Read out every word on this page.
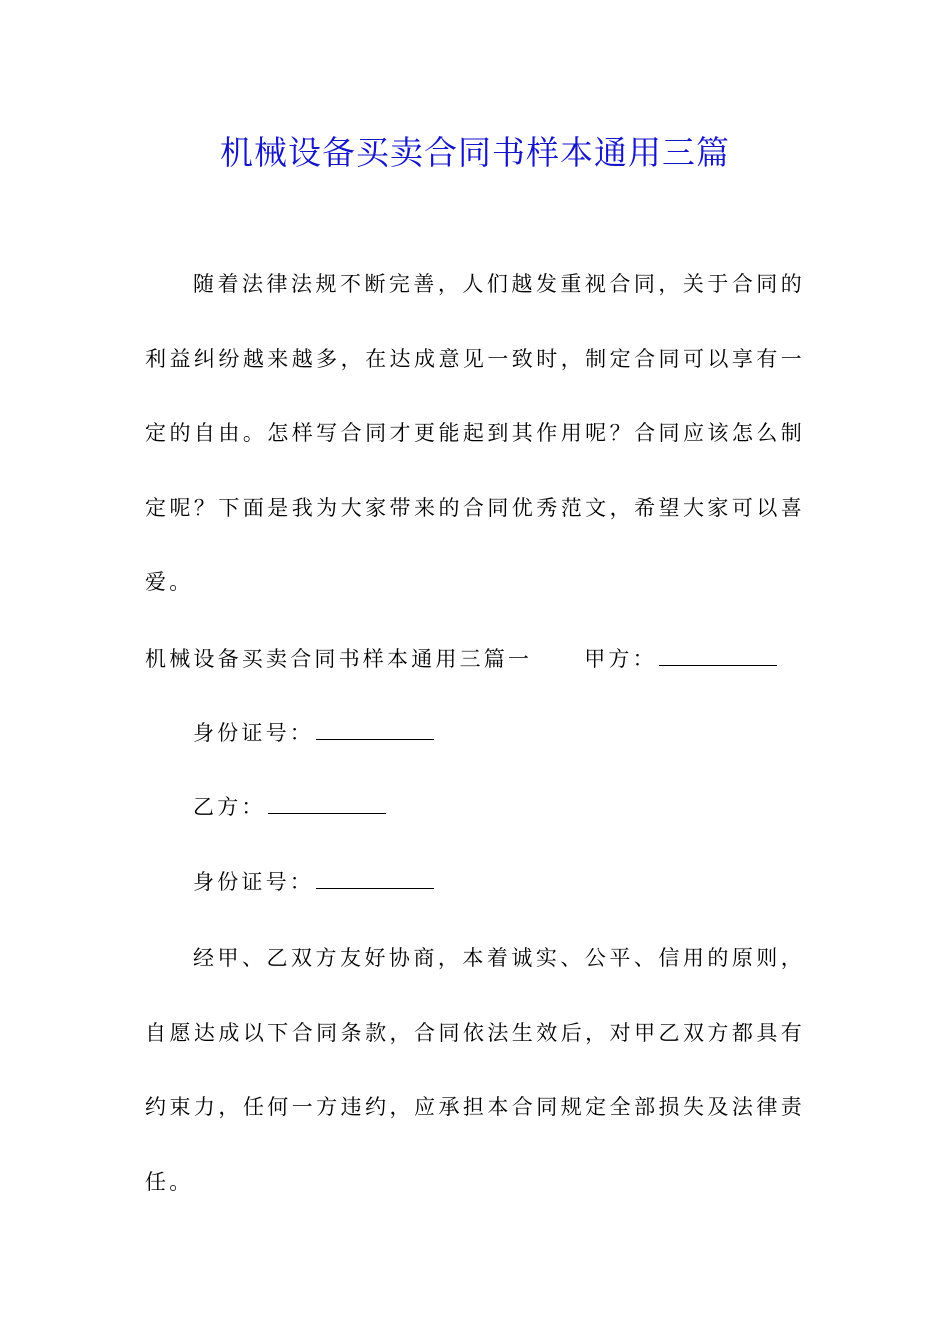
机械设备买卖合同书样本通用三篇
随着法律法规不断完善，人们越发重视合同，关于合同的利益纠纷越来越多，在达成意见一致时，制定合同可以享有一定的自由。怎样写合同才更能起到其作用呢？合同应该怎么制定呢？下面是我为大家带来的合同优秀范文，希望大家可以喜爱。
机械设备买卖合同书样本通用三篇一 甲方：
身份证号：
乙方：
身份证号：
经甲、乙双方友好协商，本着诚实、公平、信用的原则，自愿达成以下合同条款，合同依法生效后，对甲乙双方都具有约束力，任何一方违约，应承担本合同规定全部损失及法律责任。
